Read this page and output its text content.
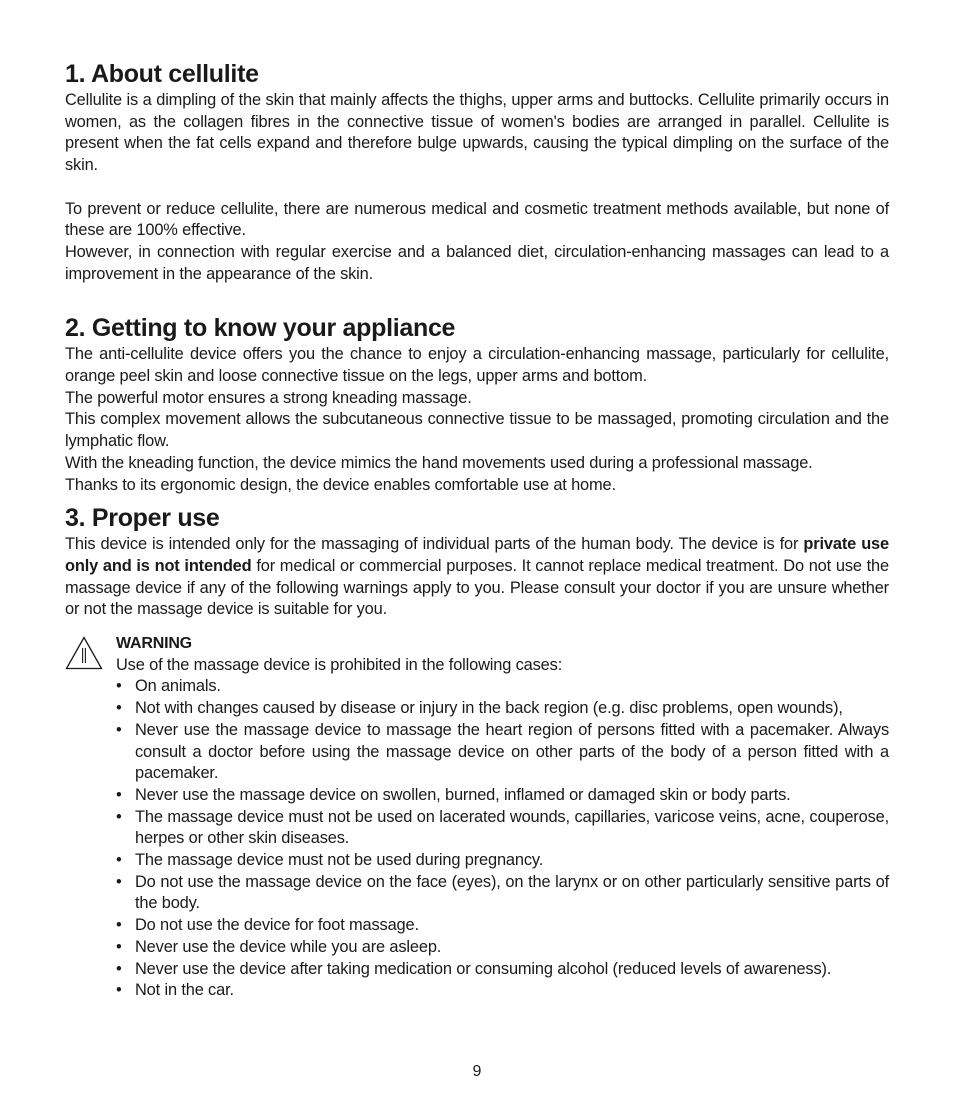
1. About cellulite

Cellulite is a dimpling of the skin that mainly affects the thighs, upper arms and buttocks. Cellulite primarily occurs in women, as the collagen fibres in the connective tissue of women's bodies are arranged in parallel. Cellulite is present when the fat cells expand and therefore bulge upwards, causing the typical dimpling on the surface of the skin.

To prevent or reduce cellulite, there are numerous medical and cosmetic treatment methods available, but none of these are 100% effective.

However, in connection with regular exercise and a balanced diet, circulation-enhancing massages can lead to a improvement in the appearance of the skin.

2. Getting to know your appliance

The anti-cellulite device offers you the chance to enjoy a circulation-enhancing massage, particularly for cellulite, orange peel skin and loose connective tissue on the legs, upper arms and bottom.

The powerful motor ensures a strong kneading massage.

This complex movement allows the subcutaneous connective tissue to be massaged, promoting circulation and the lymphatic flow.

With the kneading function, the device mimics the hand movements used during a professional massage.

Thanks to its ergonomic design, the device enables comfortable use at home.

3. Proper use

This device is intended only for the massaging of individual parts of the human body. The device is for private use only and is not intended for medical or commercial purposes. It cannot replace medical treatment. Do not use the massage device if any of the following warnings apply to you. Please consult your doctor if you are unsure whether or not the massage device is suitable for you.

WARNING

Use of the massage device is prohibited in the following cases:

• On animals.
• Not with changes caused by disease or injury in the back region (e.g. disc problems, open wounds),
• Never use the massage device to massage the heart region of persons fitted with a pacemaker. Always consult a doctor before using the massage device on other parts of the body of a person fitted with a pacemaker.
• Never use the massage device on swollen, burned, inflamed or damaged skin or body parts.
• The massage device must not be used on lacerated wounds, capillaries, varicose veins, acne, couperose, herpes or other skin diseases.
• The massage device must not be used during pregnancy.
• Do not use the massage device on the face (eyes), on the larynx or on other particularly sensitive parts of the body.
• Do not use the device for foot massage.
• Never use the device while you are asleep.
• Never use the device after taking medication or consuming alcohol (reduced levels of awareness).
• Not in the car.
9
